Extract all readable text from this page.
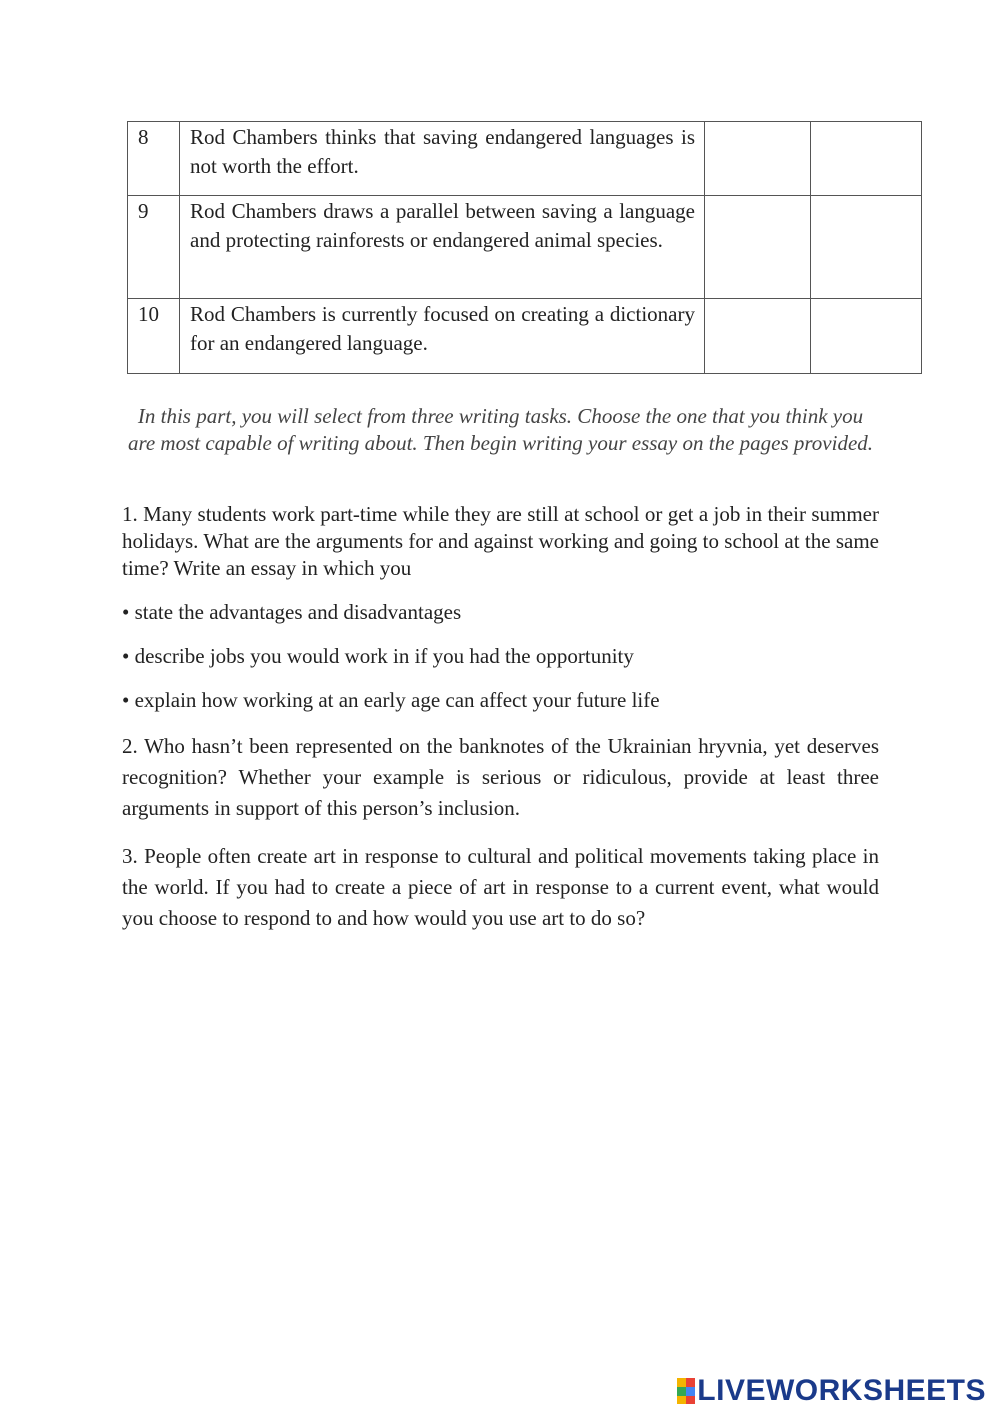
8	Rod Chambers thinks that saving endangered languages is not worth the effort.		

9	Rod Chambers draws a parallel between saving a language and protecting rainforests or endangered animal species.		

10	Rod Chambers is currently focused on creating a dictionary for an endangered language.		

In this part, you will select from three writing tasks. Choose the one that you think you are most capable of writing about. Then begin writing your essay on the pages provided.

1. Many students work part-time while they are still at school or get a job in their summer holidays. What are the arguments for and against working and going to school at the same time? Write an essay in which you

• state the advantages and disadvantages

• describe jobs you would work in if you had the opportunity

• explain how working at an early age can affect your future life

2. Who hasn’t been represented on the banknotes of the Ukrainian hryvnia, yet deserves recognition? Whether your example is serious or ridiculous, provide at least three arguments in support of this person’s inclusion.

3. People often create art in response to cultural and political movements taking place in the world. If you had to create a piece of art in response to a current event, what would you choose to respond to and how would you use art to do so?

LIVEWORKSHEETS
